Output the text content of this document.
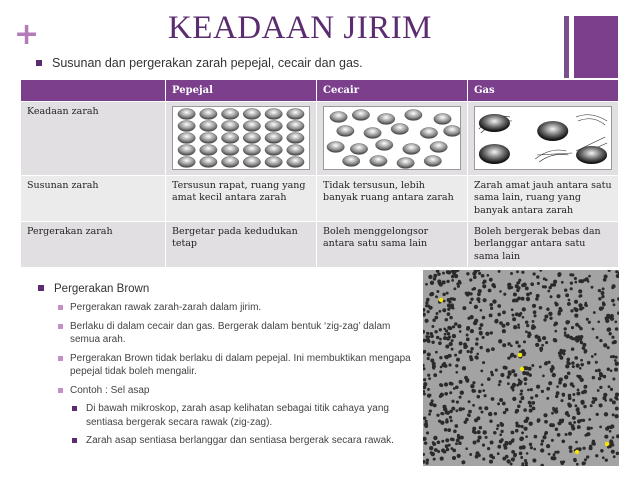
+	KEADAAN JIRIM
Susunan dan pergerakan zarah pepejal, cecair dan gas.
	Pepejal	Cecair	Gas
Keadaan zarah	

Susunan zarah	Tersusun rapat, ruang yang amat kecil antara zarah	Tidak tersusun, lebih banyak ruang antara zarah	Zarah amat jauh antara satu sama lain, ruang yang banyak antara zarah
Pergerakan zarah	Bergetar pada kedudukan tetap	Boleh menggelongsor antara satu sama lain	Boleh bergerak bebas dan berlanggar antara satu sama lain
Pergerakan Brown
Pergerakan rawak zarah-zarah dalam jirim.
Berlaku di dalam cecair dan gas. Bergerak dalam bentuk ‘zig-zag’ dalam semua arah.
Pergerakan Brown tidak berlaku di dalam pepejal. Ini membuktikan mengapa pepejal tidak boleh mengalir.
Contoh : Sel asap
Di bawah mikroskop, zarah asap kelihatan sebagai titik cahaya yang sentiasa bergerak secara rawak (zig-zag).
Zarah asap sentiasa berlanggar dan sentiasa bergerak secara rawak.
